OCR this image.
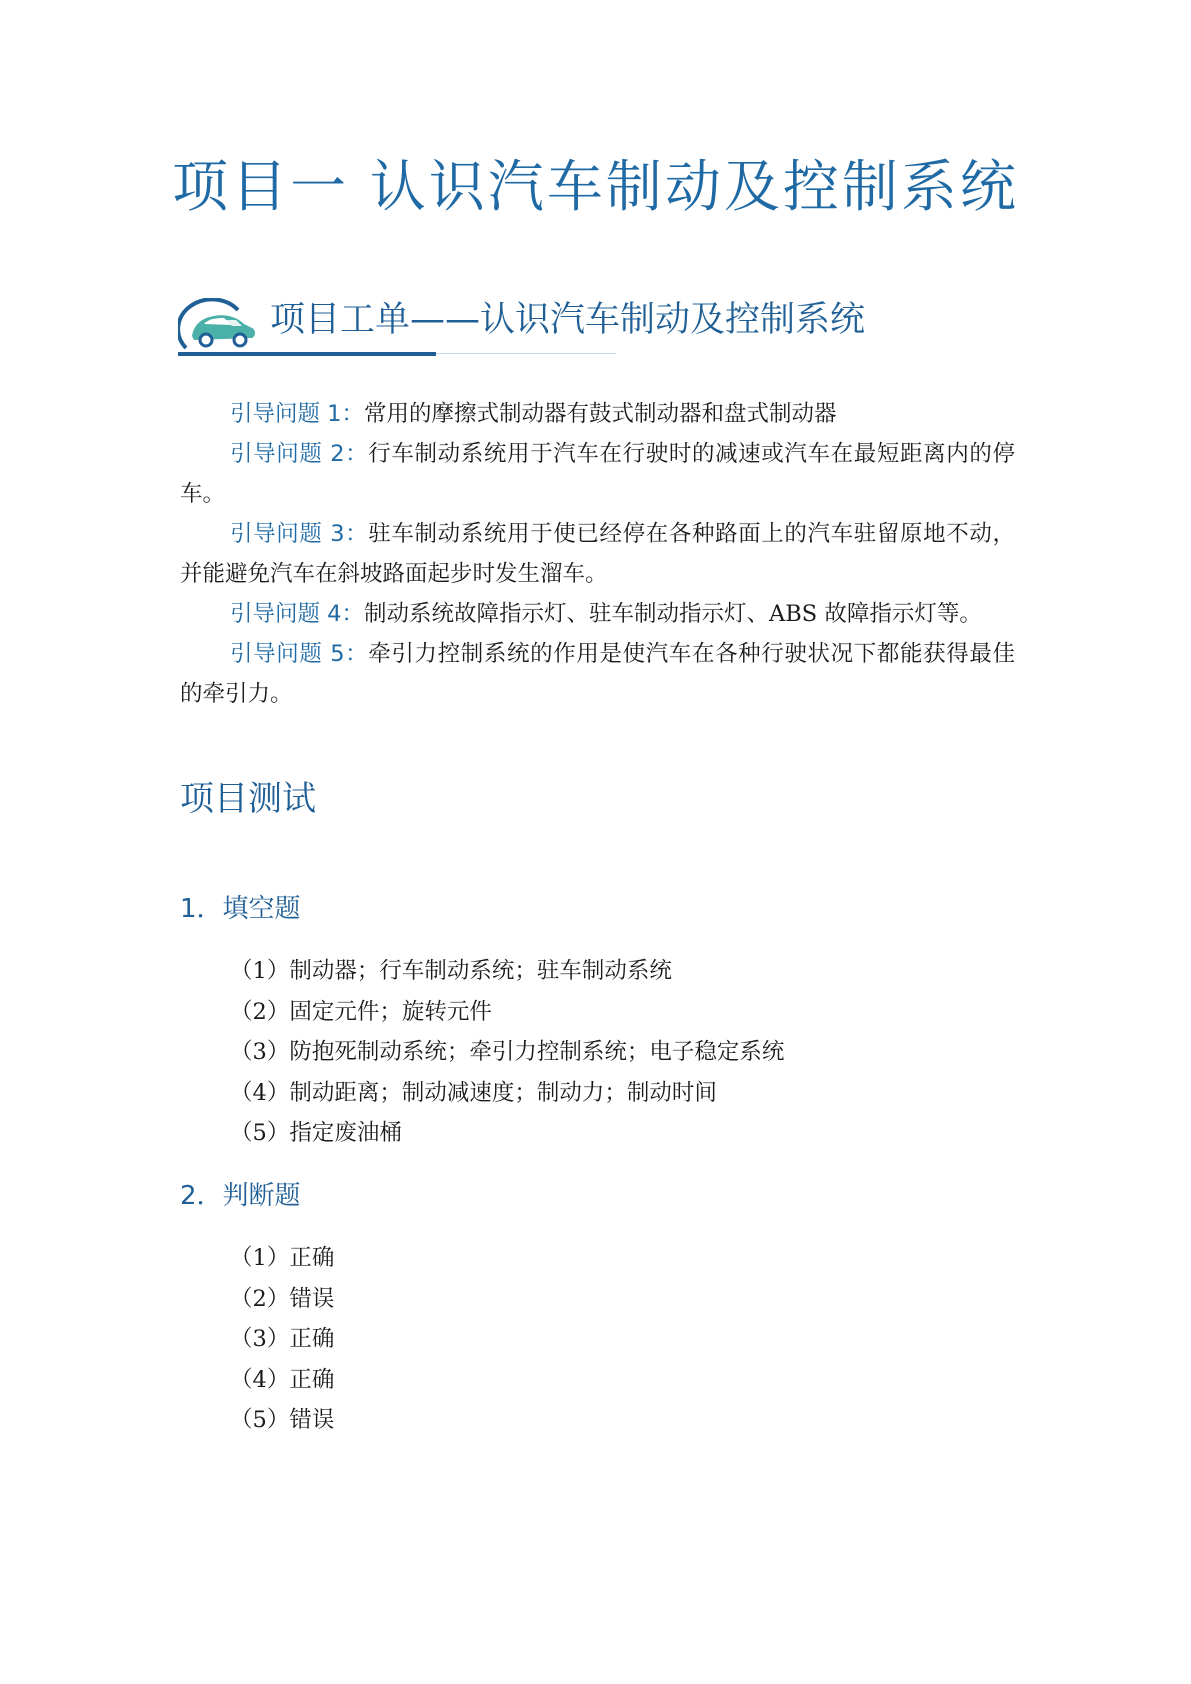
项目一 认识汽车制动及控制系统
项目工单——认识汽车制动及控制系统

引导问题 1：常用的摩擦式制动器有鼓式制动器和盘式制动器

引导问题 2：行车制动系统用于汽车在行驶时的减速或汽车在最短距离内的停车。

引导问题 3：驻车制动系统用于使已经停在各种路面上的汽车驻留原地不动，并能避免汽车在斜坡路面起步时发生溜车。

引导问题 4：制动系统故障指示灯、驻车制动指示灯、ABS 故障指示灯等。

引导问题 5：牵引力控制系统的作用是使汽车在各种行驶状况下都能获得最佳的牵引力。

项目测试
1．填空题
（1）制动器；行车制动系统；驻车制动系统
（2）固定元件；旋转元件
（3）防抱死制动系统；牵引力控制系统；电子稳定系统
（4）制动距离；制动减速度；制动力；制动时间
（5）指定废油桶
2．判断题
（1）正确
（2）错误
（3）正确
（4）正确
（5）错误
